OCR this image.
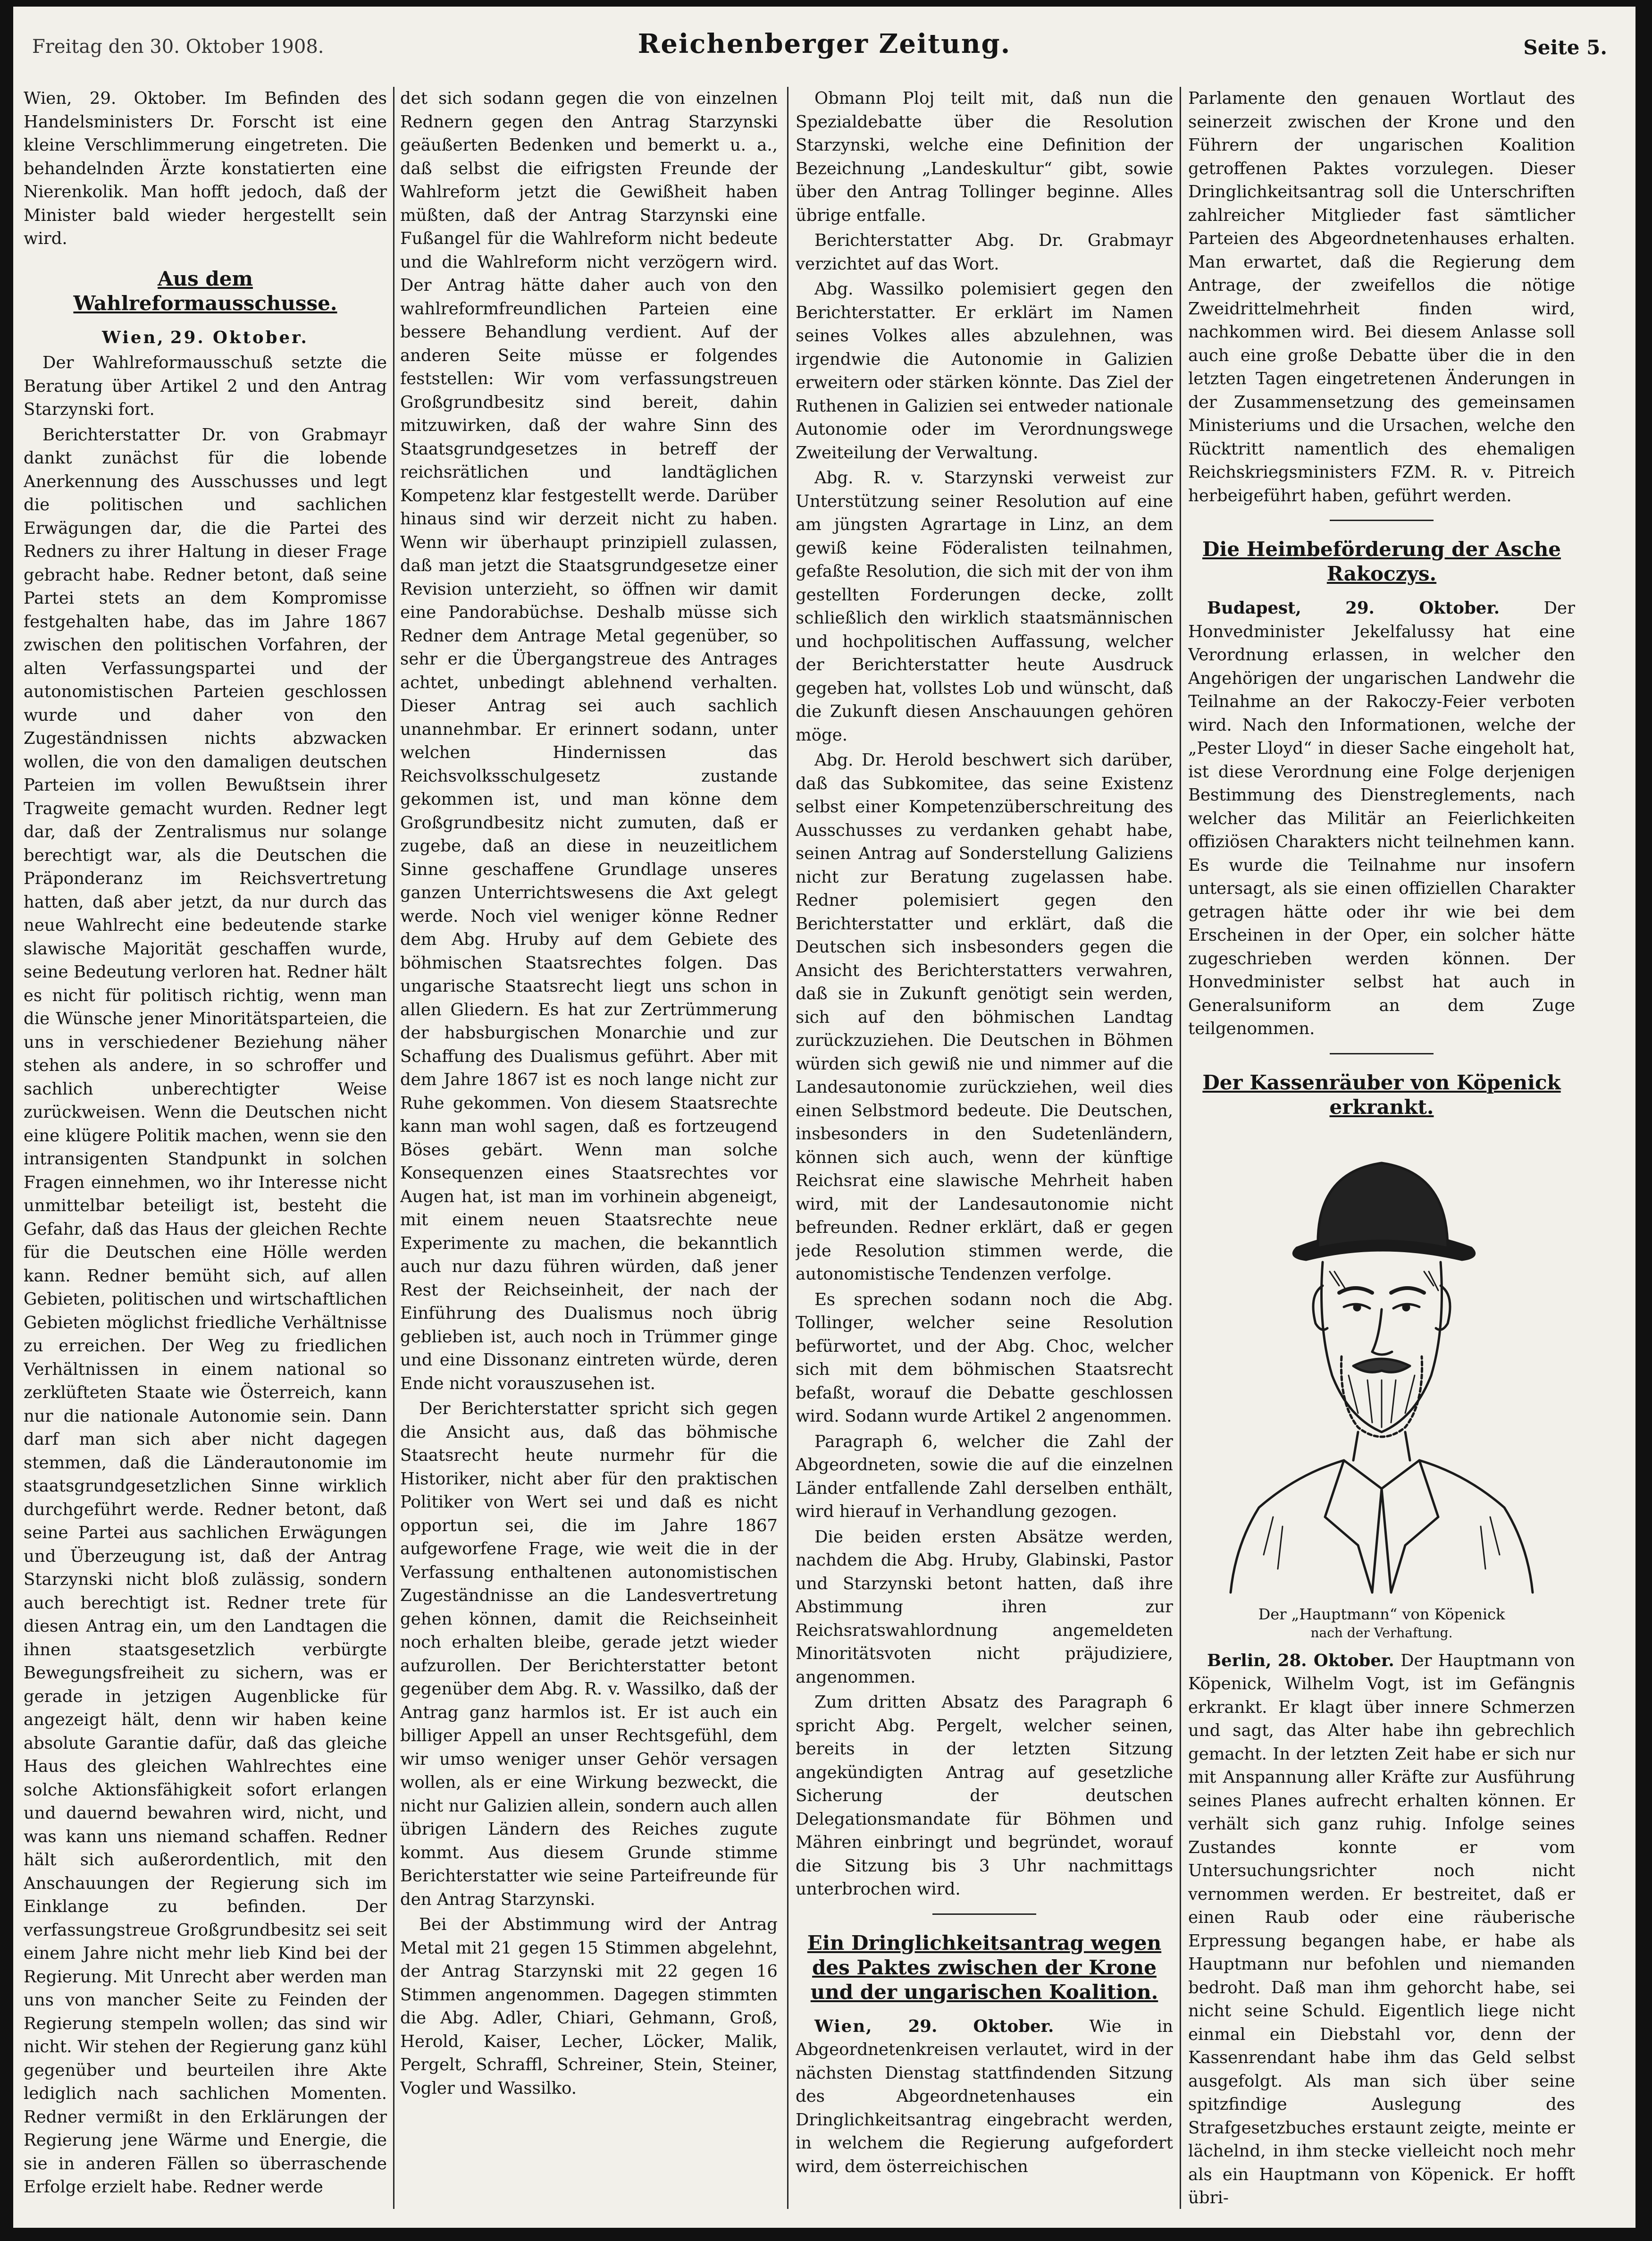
Freitag den 30. Oktober 1908.	Reichenberger Zeitung.	Seite 5.

Wien, 29. Oktober. Im Befinden des Handelsministers Dr. Forscht ist eine kleine Verschlimmerung eingetreten. Die behandelnden Ärzte konstatierten eine Nierenkolik. Man hofft jedoch, daß der Minister bald wieder hergestellt sein wird.

Aus dem Wahlreformausschusse.

Wien, 29. Oktober.

Der Wahlreformausschuß setzte die Beratung über Artikel 2 und den Antrag Starzynski fort.

Berichterstatter Dr. von Grabmayr dankt zunächst für die lobende Anerkennung des Ausschusses und legt die politischen und sachlichen Erwägungen dar, die die Partei des Redners zu ihrer Haltung in dieser Frage gebracht habe. Redner betont, daß seine Partei stets an dem Kompromisse festgehalten habe, das im Jahre 1867 zwischen den politischen Vorfahren, der alten Verfassungspartei und der autonomistischen Parteien geschlossen wurde und daher von den Zugeständnissen nichts abzwacken wollen, die von den damaligen deutschen Parteien im vollen Bewußtsein ihrer Tragweite gemacht wurden. Redner legt dar, daß der Zentralismus nur solange berechtigt war, als die Deutschen die Präponderanz im Reichsvertretung hatten, daß aber jetzt, da nur durch das neue Wahlrecht eine bedeutende starke slawische Majorität geschaffen wurde, seine Bedeutung verloren hat. Redner hält es nicht für politisch richtig, wenn man die Wünsche jener Minoritätsparteien, die uns in verschiedener Beziehung näher stehen als andere, in so schroffer und sachlich unberechtigter Weise zurückweisen. Wenn die Deutschen nicht eine klügere Politik machen, wenn sie den intransigenten Standpunkt in solchen Fragen einnehmen, wo ihr Interesse nicht unmittelbar beteiligt ist, besteht die Gefahr, daß das Haus der gleichen Rechte für die Deutschen eine Hölle werden kann. Redner bemüht sich, auf allen Gebieten, politischen und wirtschaftlichen Gebieten möglichst friedliche Verhältnisse zu erreichen. Der Weg zu friedlichen Verhältnissen in einem national so zerklüfteten Staate wie Österreich, kann nur die nationale Autonomie sein. Dann darf man sich aber nicht dagegen stemmen, daß die Länderautonomie im staatsgrundgesetzlichen Sinne wirklich durchgeführt werde. Redner betont, daß seine Partei aus sachlichen Erwägungen und Überzeugung ist, daß der Antrag Starzynski nicht bloß zulässig, sondern auch berechtigt ist. Redner trete für diesen Antrag ein, um den Landtagen die ihnen staatsgesetzlich verbürgte Bewegungsfreiheit zu sichern, was er gerade in jetzigen Augenblicke für angezeigt hält, denn wir haben keine absolute Garantie dafür, daß das gleiche Haus des gleichen Wahlrechtes eine solche Aktionsfähigkeit sofort erlangen und dauernd bewahren wird, nicht, und was kann uns niemand schaffen. Redner hält sich außerordentlich, mit den Anschauungen der Regierung sich im Einklange zu befinden. Der verfassungstreue Großgrundbesitz sei seit einem Jahre nicht mehr lieb Kind bei der Regierung. Mit Unrecht aber werden man uns von mancher Seite zu Feinden der Regierung stempeln wollen; das sind wir nicht. Wir stehen der Regierung ganz kühl gegenüber und beurteilen ihre Akte lediglich nach sachlichen Momenten. Redner vermißt in den Erklärungen der Regierung jene Wärme und Energie, die sie in anderen Fällen so überraschende Erfolge erzielt habe. Redner werde

det sich sodann gegen die von einzelnen Rednern gegen den Antrag Starzynski geäußerten Bedenken und bemerkt u. a., daß selbst die eifrigsten Freunde der Wahlreform jetzt die Gewißheit haben müßten, daß der Antrag Starzynski eine Fußangel für die Wahlreform nicht bedeute und die Wahlreform nicht verzögern wird. Der Antrag hätte daher auch von den wahlreformfreundlichen Parteien eine bessere Behandlung verdient. Auf der anderen Seite müsse er folgendes feststellen: Wir vom verfassungstreuen Großgrundbesitz sind bereit, dahin mitzuwirken, daß der wahre Sinn des Staatsgrundgesetzes in betreff der reichsrätlichen und landtäglichen Kompetenz klar festgestellt werde. Darüber hinaus sind wir derzeit nicht zu haben. Wenn wir überhaupt prinzipiell zulassen, daß man jetzt die Staatsgrundgesetze einer Revision unterzieht, so öffnen wir damit eine Pandorabüchse. Deshalb müsse sich Redner dem Antrage Metal gegenüber, so sehr er die Übergangstreue des Antrages achtet, unbedingt ablehnend verhalten. Dieser Antrag sei auch sachlich unannehmbar. Er erinnert sodann, unter welchen Hindernissen das Reichsvolksschulgesetz zustande gekommen ist, und man könne dem Großgrundbesitz nicht zumuten, daß er zugebe, daß an diese in neuzeitlichem Sinne geschaffene Grundlage unseres ganzen Unterrichtswesens die Axt gelegt werde. Noch viel weniger könne Redner dem Abg. Hruby auf dem Gebiete des böhmischen Staatsrechtes folgen. Das ungarische Staatsrecht liegt uns schon in allen Gliedern. Es hat zur Zertrümmerung der habsburgischen Monarchie und zur Schaffung des Dualismus geführt. Aber mit dem Jahre 1867 ist es noch lange nicht zur Ruhe gekommen. Von diesem Staatsrechte kann man wohl sagen, daß es fortzeugend Böses gebärt. Wenn man solche Konsequenzen eines Staatsrechtes vor Augen hat, ist man im vorhinein abgeneigt, mit einem neuen Staatsrechte neue Experimente zu machen, die bekanntlich auch nur dazu führen würden, daß jener Rest der Reichseinheit, der nach der Einführung des Dualismus noch übrig geblieben ist, auch noch in Trümmer ginge und eine Dissonanz eintreten würde, deren Ende nicht vorauszusehen ist.

Der Berichterstatter spricht sich gegen die Ansicht aus, daß das böhmische Staatsrecht heute nurmehr für die Historiker, nicht aber für den praktischen Politiker von Wert sei und daß es nicht opportun sei, die im Jahre 1867 aufgeworfene Frage, wie weit die in der Verfassung enthaltenen autonomistischen Zugeständnisse an die Landesvertretung gehen können, damit die Reichseinheit noch erhalten bleibe, gerade jetzt wieder aufzurollen. Der Berichterstatter betont gegenüber dem Abg. R. v. Wassilko, daß der Antrag ganz harmlos ist. Er ist auch ein billiger Appell an unser Rechtsgefühl, dem wir umso weniger unser Gehör versagen wollen, als er eine Wirkung bezweckt, die nicht nur Galizien allein, sondern auch allen übrigen Ländern des Reiches zugute kommt. Aus diesem Grunde stimme Berichterstatter wie seine Parteifreunde für den Antrag Starzynski.

Bei der Abstimmung wird der Antrag Metal mit 21 gegen 15 Stimmen abgelehnt, der Antrag Starzynski mit 22 gegen 16 Stimmen angenommen. Dagegen stimmten die Abg. Adler, Chiari, Gehmann, Groß, Herold, Kaiser, Lecher, Löcker, Malik, Pergelt, Schraffl, Schreiner, Stein, Steiner, Vogler und Wassilko.

Obmann Ploj teilt mit, daß nun die Spezialdebatte über die Resolution Starzynski, welche eine Definition der Bezeichnung „Landeskultur“ gibt, sowie über den Antrag Tollinger beginne. Alles übrige entfalle.

Berichterstatter Abg. Dr. Grabmayr verzichtet auf das Wort.

Abg. Wassilko polemisiert gegen den Berichterstatter. Er erklärt im Namen seines Volkes alles abzulehnen, was irgendwie die Autonomie in Galizien erweitern oder stärken könnte. Das Ziel der Ruthenen in Galizien sei entweder nationale Autonomie oder im Verordnungswege Zweiteilung der Verwaltung.

Abg. R. v. Starzynski verweist zur Unterstützung seiner Resolution auf eine am jüngsten Agrartage in Linz, an dem gewiß keine Föderalisten teilnahmen, gefaßte Resolution, die sich mit der von ihm gestellten Forderungen decke, zollt schließlich den wirklich staatsmännischen und hochpolitischen Auffassung, welcher der Berichterstatter heute Ausdruck gegeben hat, vollstes Lob und wünscht, daß die Zukunft diesen Anschauungen gehören möge.

Abg. Dr. Herold beschwert sich darüber, daß das Subkomitee, das seine Existenz selbst einer Kompetenzüberschreitung des Ausschusses zu verdanken gehabt habe, seinen Antrag auf Sonderstellung Galiziens nicht zur Beratung zugelassen habe. Redner polemisiert gegen den Berichterstatter und erklärt, daß die Deutschen sich insbesonders gegen die Ansicht des Berichterstatters verwahren, daß sie in Zukunft genötigt sein werden, sich auf den böhmischen Landtag zurückzuziehen. Die Deutschen in Böhmen würden sich gewiß nie und nimmer auf die Landesautonomie zurückziehen, weil dies einen Selbstmord bedeute. Die Deutschen, insbesonders in den Sudetenländern, können sich auch, wenn der künftige Reichsrat eine slawische Mehrheit haben wird, mit der Landesautonomie nicht befreunden. Redner erklärt, daß er gegen jede Resolution stimmen werde, die autonomistische Tendenzen verfolge.

Es sprechen sodann noch die Abg. Tollinger, welcher seine Resolution befürwortet, und der Abg. Choc, welcher sich mit dem böhmischen Staatsrecht befaßt, worauf die Debatte geschlossen wird. Sodann wurde Artikel 2 angenommen.

Paragraph 6, welcher die Zahl der Abgeordneten, sowie die auf die einzelnen Länder entfallende Zahl derselben enthält, wird hierauf in Verhandlung gezogen.

Die beiden ersten Absätze werden, nachdem die Abg. Hruby, Glabinski, Pastor und Starzynski betont hatten, daß ihre Abstimmung ihren zur Reichsratswahlordnung angemeldeten Minoritätsvoten nicht präjudiziere, angenommen.

Zum dritten Absatz des Paragraph 6 spricht Abg. Pergelt, welcher seinen, bereits in der letzten Sitzung angekündigten Antrag auf gesetzliche Sicherung der deutschen Delegationsmandate für Böhmen und Mähren einbringt und begründet, worauf die Sitzung bis 3 Uhr nachmittags unterbrochen wird.

Ein Dringlichkeitsantrag wegen des Paktes zwischen der Krone und der ungarischen Koalition.

Wien, 29. Oktober. Wie in Abgeordnetenkreisen verlautet, wird in der nächsten Dienstag stattfindenden Sitzung des Abgeordnetenhauses ein Dringlichkeitsantrag eingebracht werden, in welchem die Regierung aufgefordert wird, dem österreichischen

Parlamente den genauen Wortlaut des seinerzeit zwischen der Krone und den Führern der ungarischen Koalition getroffenen Paktes vorzulegen. Dieser Dringlichkeitsantrag soll die Unterschriften zahlreicher Mitglieder fast sämtlicher Parteien des Abgeordnetenhauses erhalten. Man erwartet, daß die Regierung dem Antrage, der zweifellos die nötige Zweidrittelmehrheit finden wird, nachkommen wird. Bei diesem Anlasse soll auch eine große Debatte über die in den letzten Tagen eingetretenen Änderungen in der Zusammensetzung des gemeinsamen Ministeriums und die Ursachen, welche den Rücktritt namentlich des ehemaligen Reichskriegsministers FZM. R. v. Pitreich herbeigeführt haben, geführt werden.

Die Heimbeförderung der Asche Rakoczys.

Budapest,	29. Oktober.	Der Honvedminister Jekelfalussy hat eine Verordnung erlassen, in welcher den Angehörigen der ungarischen Landwehr die Teilnahme an der Rakoczy-Feier verboten wird. Nach den Informationen, welche der „Pester Lloyd“ in dieser Sache eingeholt hat, ist diese Verordnung eine Folge derjenigen Bestimmung des Dienstreglements, nach welcher das Militär an Feierlichkeiten offiziösen Charakters nicht teilnehmen kann. Es wurde die Teilnahme nur insofern untersagt, als sie einen offiziellen Charakter getragen hätte oder ihr wie bei dem Erscheinen in der Oper, ein solcher hätte zugeschrieben werden können. Der Honvedminister selbst hat auch in Generalsuniform an dem Zuge teilgenommen.

Der Kassenräuber von Köpenick erkrankt.
Der „Hauptmann“ von Köpenick
nach der Verhaftung.

Berlin, 28. Oktober. Der Hauptmann von Köpenick, Wilhelm Vogt, ist im Gefängnis erkrankt. Er klagt über innere Schmerzen und sagt, das Alter habe ihn gebrechlich gemacht. In der letzten Zeit habe er sich nur mit Anspannung aller Kräfte zur Ausführung seines Planes aufrecht erhalten können. Er verhält sich ganz ruhig. Infolge seines Zustandes konnte er vom Untersuchungsrichter noch nicht vernommen werden. Er bestreitet, daß er einen Raub oder eine räuberische Erpressung begangen habe, er habe als Hauptmann nur befohlen und niemanden bedroht. Daß man ihm gehorcht habe, sei nicht seine Schuld. Eigentlich liege nicht einmal ein Diebstahl vor, denn der Kassenrendant habe ihm das Geld selbst ausgefolgt. Als man sich über seine spitzfindige Auslegung des Strafgesetzbuches erstaunt zeigte, meinte er lächelnd, in ihm stecke vielleicht noch mehr als ein Hauptmann von Köpenick. Er hofft übri-
